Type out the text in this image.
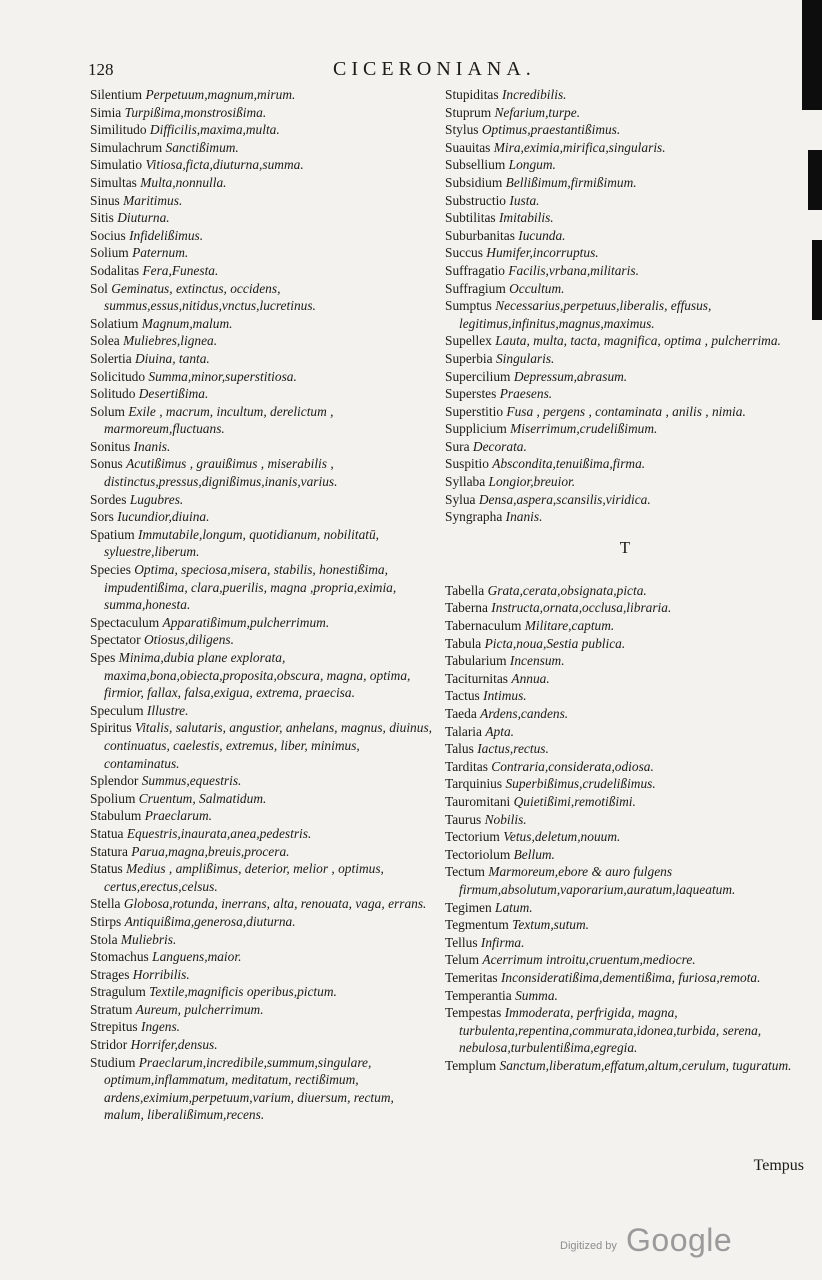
128	CICERONIANA.

Silentium Perpetuum,magnum,mirum.

Simia Turpißima,monstrosißima.

Similitudo Difficilis,maxima,multa.

Simulachrum Sanctißimum.

Simulatio Vitiosa,ficta,diuturna,summa.

Simultas Multa,nonnulla.

Sinus Maritimus.

Sitis Diuturna.

Socius Infidelißimus.

Solium Paternum.

Sodalitas Fera,Funesta.

Sol Geminatus, extinctus, occidens, summus,essus,nitidus,vnctus,lucretinus.

Solatium Magnum,malum.

Solea Muliebres,lignea.

Solertia Diuina, tanta.

Solicitudo Summa,minor,superstitiosa.

Solitudo Desertißima.

Solum Exile , macrum, incultum, derelictum , marmoreum,fluctuans.

Sonitus Inanis.

Sonus Acutißimus , grauißimus , miserabilis , distinctus,pressus,dignißimus,inanis,varius.

Sordes Lugubres.

Sors Iucundior,diuina.

Spatium Immutabile,longum, quotidianum, nobilitatū, syluestre,liberum.

Species Optima, speciosa,misera, stabilis, honestißima, impudentißima, clara,puerilis, magna ,propria,eximia, summa,honesta.

Spectaculum Apparatißimum,pulcherrimum.

Spectator Otiosus,diligens.

Spes Minima,dubia plane explorata, maxima,bona,obiecta,proposita,obscura, magna, optima, firmior, fallax, falsa,exigua, extrema, praecisa.

Speculum Illustre.

Spiritus Vitalis, salutaris, angustior, anhelans, magnus, diuinus, continuatus, caelestis, extremus, liber, minimus, contaminatus.

Splendor Summus,equestris.

Spolium Cruentum, Salmatidum.

Stabulum Praeclarum.

Statua Equestris,inaurata,anea,pedestris.

Statura Parua,magna,breuis,procera.

Status Medius , amplißimus, deterior, melior , optimus, certus,erectus,celsus.

Stella Globosa,rotunda, inerrans, alta, renouata, vaga, errans.

Stirps Antiquißima,generosa,diuturna.

Stola Muliebris.

Stomachus Languens,maior.

Strages Horribilis.

Stragulum Textile,magnificis operibus,pictum.

Stratum Aureum, pulcherrimum.

Strepitus Ingens.

Stridor Horrifer,densus.

Studium Praeclarum,incredibile,summum,singulare, optimum,inflammatum, meditatum, rectißimum, ardens,eximium,perpetuum,varium, diuersum, rectum, malum, liberalißimum,recens.

Stupiditas Incredibilis.

Stuprum Nefarium,turpe.

Stylus Optimus,praestantißimus.

Suauitas Mira,eximia,mirifica,singularis.

Subsellium Longum.

Subsidium Bellißimum,firmißimum.

Substructio Iusta.

Subtilitas Imitabilis.

Suburbanitas Iucunda.

Succus Humifer,incorruptus.

Suffragatio Facilis,vrbana,militaris.

Suffragium Occultum.

Sumptus Necessarius,perpetuus,liberalis, effusus, legitimus,infinitus,magnus,maximus.

Supellex Lauta, multa, tacta, magnifica, optima , pulcherrima.

Superbia Singularis.

Supercilium Depressum,abrasum.

Superstes Praesens.

Superstitio Fusa , pergens , contaminata , anilis , nimia.

Supplicium Miserrimum,crudelißimum.

Sura Decorata.

Suspitio Abscondita,tenuißima,firma.

Syllaba Longior,breuior.

Sylua Densa,aspera,scansilis,viridica.

Syngrapha Inanis.

T

Tabella Grata,cerata,obsignata,picta.

Taberna Instructa,ornata,occlusa,libraria.

Tabernaculum Militare,captum.

Tabula Picta,noua,Sestia publica.

Tabularium Incensum.

Taciturnitas Annua.

Tactus Intimus.

Taeda Ardens,candens.

Talaria Apta.

Talus Iactus,rectus.

Tarditas Contraria,considerata,odiosa.

Tarquinius Superbißimus,crudelißimus.

Tauromitani Quietißimi,remotißimi.

Taurus Nobilis.

Tectorium Vetus,deletum,nouum.

Tectoriolum Bellum.

Tectum Marmoreum,ebore & auro fulgens firmum,absolutum,vaporarium,auratum,laqueatum.

Tegimen Latum.

Tegmentum Textum,sutum.

Tellus Infirma.

Telum Acerrimum introitu,cruentum,mediocre.

Temeritas Inconsideratißima,dementißima, furiosa,remota.

Temperantia Summa.

Tempestas Immoderata, perfrigida, magna, turbulenta,repentina,commurata,idonea,turbida, serena, nebulosa,turbulentißima,egregia.

Templum Sanctum,liberatum,effatum,altum,cerulum, tuguratum.

Tempus
Digitized by Google
